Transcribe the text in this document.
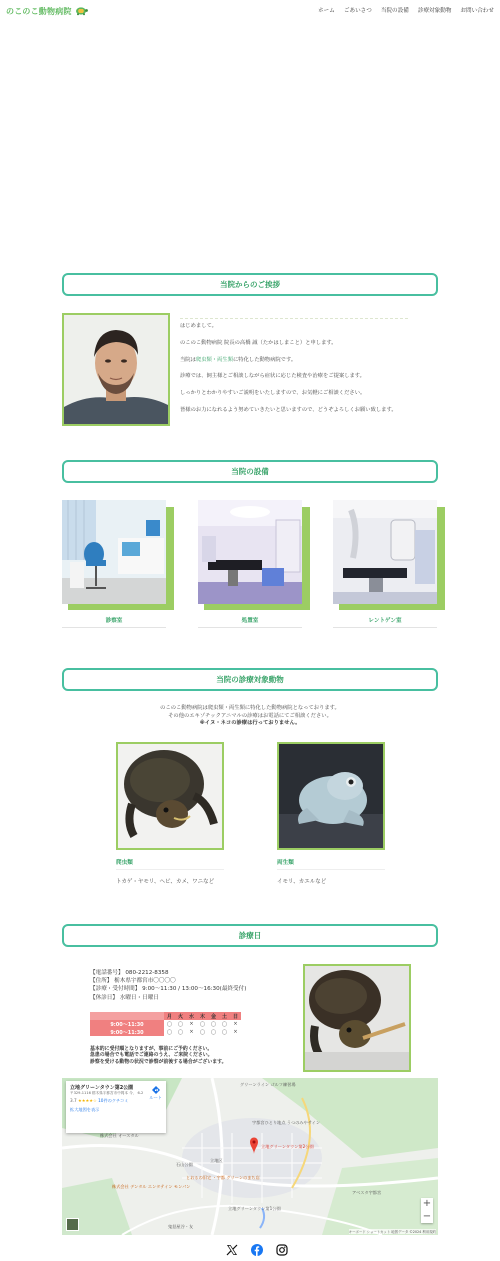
のこのこ動物病院	ホーム ごあいさつ 当院の設備 診療対象動物 お問い合わせ
当院からのご挨拶

はじめまして。

のこのこ動物病院 院長の高橋 誠（たかはしまこと）と申します。

当院は爬虫類・両生類に特化した動物病院です。

診療では、飼主様とご相談しながら症状に応じた検査や治療をご提案します。

しっかりとわかりやすいご説明をいたしますので、お気軽にご相談ください。

皆様のお力になれるよう努めていきたいと思いますので、どうぞよろしくお願い致します。

当院の設備
診察室	処置室	レントゲン室
当院の診療対象動物

のこのこ動物病院は爬虫類・両生類に特化した動物病院となっております。

その他のエキゾチックアニマルの診療はお電話にてご相談ください。

※イヌ・ネコの診療は行っておりません。

爬虫類
トカゲ・ヤモリ、ヘビ、カメ、ワニなど
両生類
イモリ、カエルなど
診療日

【電話番号】 080-2212-8358

【住所】 栃木県宇都宮市〇〇〇〇

【診療・受付時間】 9:00〜11:30 / 13:00〜16:30(最終受付)

【休診日】 水曜日・日曜日

	月	火	水	木	金	土	日
9:00〜11:30	〇	〇	×	〇	〇	〇	×
9:00〜11:30	〇	〇	×	〇	〇	〇	×

基本的に受付順となりますが、事前にご予約ください。

急患の場合でも電話でご連絡のうえ、ご来院ください。

診察を受ける動物の状況で診察が前後する場合がございます。

グリーンライン ゴルフ練習場
株式会社 オースタル
株式会社 デンタル エンタテイン モンパン
石山公園
立地区
アベスタ宇都宮
立地グリーンタウン第1公園
鬼怒屋谷・友
とおるの旧宅 ・宇都 グリーンのまち店
宇都宮ひとり地点 うつのみやサイン
立地グリーンタウン第2公園
立地グリーンタウン第2公園
〒329-1116 栃木県宇都宮市中岡本 今、 6-2
3.7 ★★★★☆ 10件のクチコミ
拡大地図を表示
ルート
+
−
キーボード ショートカット 地図データ ©2024 利用規約
